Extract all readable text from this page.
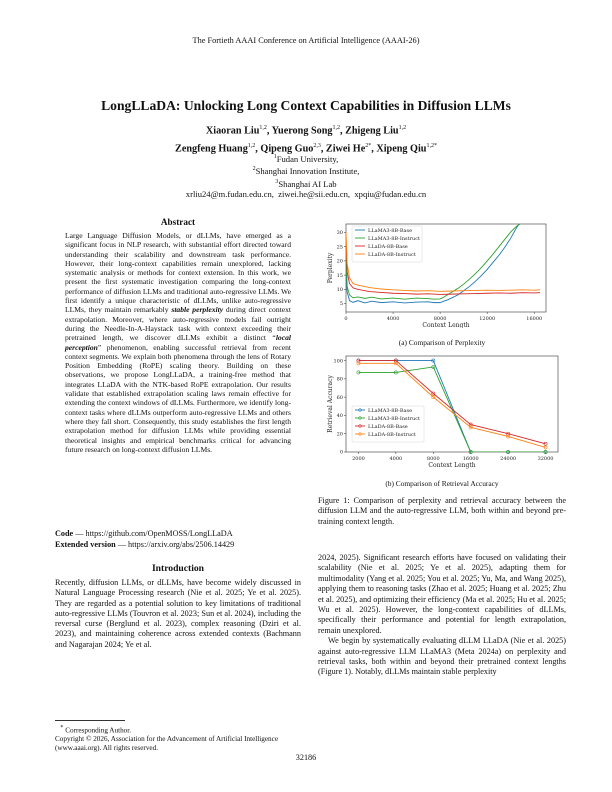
The Fortieth AAAI Conference on Artificial Intelligence (AAAI-26)
LongLLaDA: Unlocking Long Context Capabilities in Diffusion LLMs
Xiaoran Liu$^{1,2}$, Yuerong Song$^{1,2}$, Zhigeng Liu$^{1,2}$
Zengfeng Huang$^{1,2}$, Qipeng Guo$^{2,3}$, Ziwei $He^{2*}$, Xipeng Qiu$^{1,2*}$
$^1$Fudan University,
$^2$Shanghai Innovation Institute,
$^3$Shanghai AI Lab
xrliu24@m.fudan.edu.cn,  ziwei.he@sii.edu.cn,  xpqiu@fudan.edu.cn
Abstract

Large Language Diffusion Models, or dLLMs, have emerged as a significant focus in NLP research, with substantial effort directed toward understanding their scalability and downstream task performance. However, their long-context capabilities remain unexplored, lacking systematic analysis or methods for context extension. In this work, we present the first systematic investigation comparing the long-context performance of diffusion LLMs and traditional auto-regressive LLMs. We first identify a unique characteristic of dLLMs, unlike auto-regressive LLMs, they maintain remarkably stable perplexity during direct context extrapolation. Moreover, where auto-regressive models fail outright during the Needle-In-A-Haystack task with context exceeding their pretrained length, we discover dLLMs exhibit a distinct “local perception” phenomenon, enabling successful retrieval from recent context segments. We explain both phenomena through the lens of Rotary Position Embedding (RoPE) scaling theory. Building on these observations, we propose LongLLaDA, a training-free method that integrates LLaDA with the NTK-based RoPE extrapolation. Our results validate that established extrapolation scaling laws remain effective for extending the context windows of dLLMs. Furthermore, we identify long-context tasks where dLLMs outperform auto-regressive LLMs and others where they fall short. Consequently, this study establishes the first length extrapolation method for diffusion LLMs while providing essential theoretical insights and empirical benchmarks critical for advancing future research on long-context diffusion LLMs.

Code — https://github.com/OpenMOSS/LongLLaDA
Extended version — https://arxiv.org/abs/2506.14429
Introduction

Recently, diffusion LLMs, or dLLMs, have become widely discussed in Natural Language Processing research (Nie et al. 2025; Ye et al. 2025). They are regarded as a potential solution to key limitations of traditional auto-regressive LLMs (Touvron et al. 2023; Sun et al. 2024), including the reversal curse (Berglund et al. 2023), complex reasoning (Dziri et al. 2023), and maintaining coherence across extended contexts (Bachmann and Nagarajan 2024; Ye et al.

* Corresponding Author.
Copyright © 2026, Association for the Advancement of Artificial Intelligence (www.aaai.org). All rights reserved.
0	4000	8000	12000	16000
5
10
15
20
25
30
Context Length
Perplexity
LLaMA3-8B-Base
LLaMA3-8B-Instruct
LLaDA-8B-Base
LLaDA-8B-Instruct
(a) Comparison of Perplexity
2000	4000	8000	16000	24000	32000
0
20
40
60
80
100
Context Length
Retrieval Accuracy	LLaMA3-8B-Base
LLaMA3-8B-Instruct
LLaDA-8B-Base
LLaDA-8B-Instruct
(b) Comparison of Retrieval Accuracy
Figure 1: Comparison of perplexity and retrieval accuracy between the diffusion LLM and the auto-regressive LLM, both within and beyond pre-training context length.

2024, 2025). Significant research efforts have focused on validating their scalability (Nie et al. 2025; Ye et al. 2025), adapting them for multimodality (Yang et al. 2025; You et al. 2025; Yu, Ma, and Wang 2025), applying them to reasoning tasks (Zhao et al. 2025; Huang et al. 2025; Zhu et al. 2025), and optimizing their efficiency (Ma et al. 2025; Hu et al. 2025; Wu et al. 2025). However, the long-context capabilities of dLLMs, specifically their performance and potential for length extrapolation, remain unexplored.

We begin by systematically evaluating dLLM LLaDA (Nie et al. 2025) against auto-regressive LLM LLaMA3 (Meta 2024a) on perplexity and retrieval tasks, both within and beyond their pretrained context lengths (Figure 1). Notably, dLLMs maintain stable perplexity

32186
